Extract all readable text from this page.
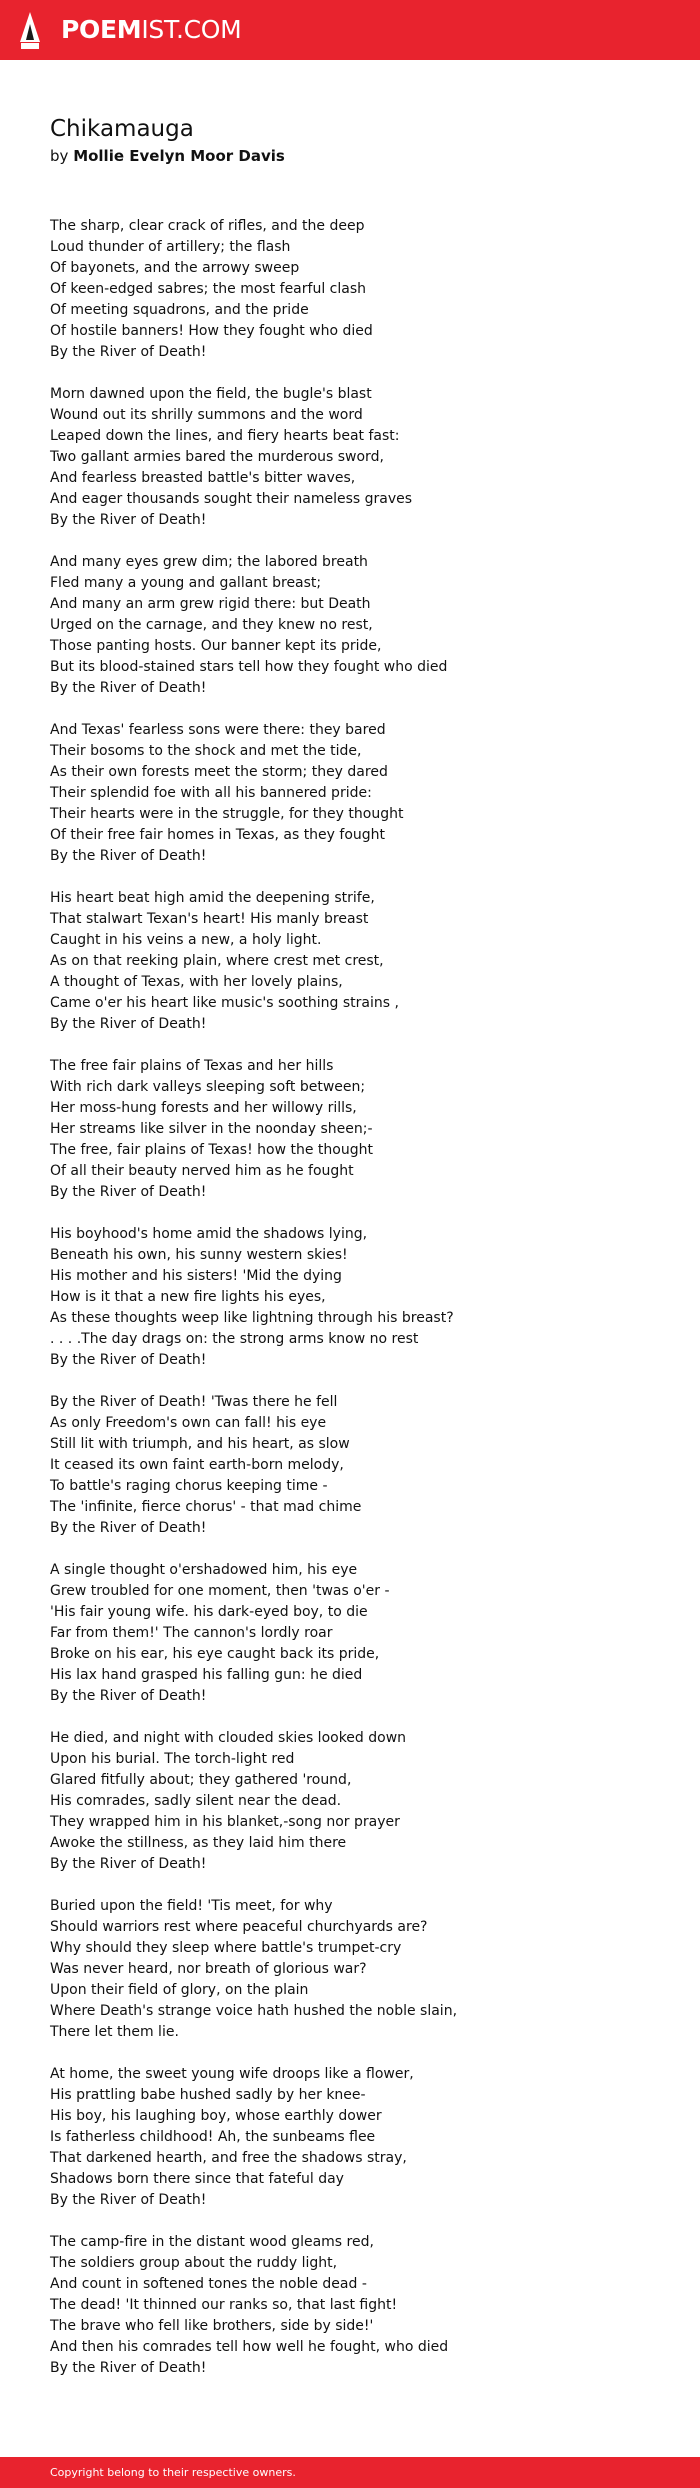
POEMIST.COM
Chikamauga
by Mollie Evelyn Moor Davis
The sharp, clear crack of rifles, and the deep
Loud thunder of artillery; the flash
Of bayonets, and the arrowy sweep
Of keen-edged sabres; the most fearful clash
Of meeting squadrons, and the pride
Of hostile banners! How they fought who died
By the River of Death!
Morn dawned upon the field, the bugle's blast
Wound out its shrilly summons and the word
Leaped down the lines, and fiery hearts beat fast:
Two gallant armies bared the murderous sword,
And fearless breasted battle's bitter waves,
And eager thousands sought their nameless graves
By the River of Death!
And many eyes grew dim; the labored breath
Fled many a young and gallant breast;
And many an arm grew rigid there: but Death
Urged on the carnage, and they knew no rest,
Those panting hosts. Our banner kept its pride,
But its blood-stained stars tell how they fought who died
By the River of Death!
And Texas' fearless sons were there: they bared
Their bosoms to the shock and met the tide,
As their own forests meet the storm; they dared
Their splendid foe with all his bannered pride:
Their hearts were in the struggle, for they thought
Of their free fair homes in Texas, as they fought
By the River of Death!
His heart beat high amid the deepening strife,
That stalwart Texan's heart! His manly breast
Caught in his veins a new, a holy light.
As on that reeking plain, where crest met crest,
A thought of Texas, with her lovely plains,
Came o'er his heart like music's soothing strains ,
By the River of Death!
The free fair plains of Texas and her hills
With rich dark valleys sleeping soft between;
Her moss-hung forests and her willowy rills,
Her streams like silver in the noonday sheen;-
The free, fair plains of Texas! how the thought
Of all their beauty nerved him as he fought
By the River of Death!
His boyhood's home amid the shadows lying,
Beneath his own, his sunny western skies!
His mother and his sisters! 'Mid the dying
How is it that a new fire lights his eyes,
As these thoughts weep like lightning through his breast?
. . . .The day drags on: the strong arms know no rest
By the River of Death!
By the River of Death! 'Twas there he fell
As only Freedom's own can fall! his eye
Still lit with triumph, and his heart, as slow
It ceased its own faint earth-born melody,
To battle's raging chorus keeping time -
The 'infinite, fierce chorus' - that mad chime
By the River of Death!
A single thought o'ershadowed him, his eye
Grew troubled for one moment, then 'twas o'er -
'His fair young wife. his dark-eyed boy, to die
Far from them!' The cannon's lordly roar
Broke on his ear, his eye caught back its pride,
His lax hand grasped his falling gun: he died
By the River of Death!
He died, and night with clouded skies looked down
Upon his burial. The torch-light red
Glared fitfully about; they gathered 'round,
His comrades, sadly silent near the dead.
They wrapped him in his blanket,-song nor prayer
Awoke the stillness, as they laid him there
By the River of Death!
Buried upon the field! 'Tis meet, for why
Should warriors rest where peaceful churchyards are?
Why should they sleep where battle's trumpet-cry
Was never heard, nor breath of glorious war?
Upon their field of glory, on the plain
Where Death's strange voice hath hushed the noble slain,
There let them lie.
At home, the sweet young wife droops like a flower,
His prattling babe hushed sadly by her knee-
His boy, his laughing boy, whose earthly dower
Is fatherless childhood! Ah, the sunbeams flee
That darkened hearth, and free the shadows stray,
Shadows born there since that fateful day
By the River of Death!
The camp-fire in the distant wood gleams red,
The soldiers group about the ruddy light,
And count in softened tones the noble dead -
The dead! 'It thinned our ranks so, that last fight!
The brave who fell like brothers, side by side!'
And then his comrades tell how well he fought, who died
By the River of Death!
Copyright belong to their respective owners.
